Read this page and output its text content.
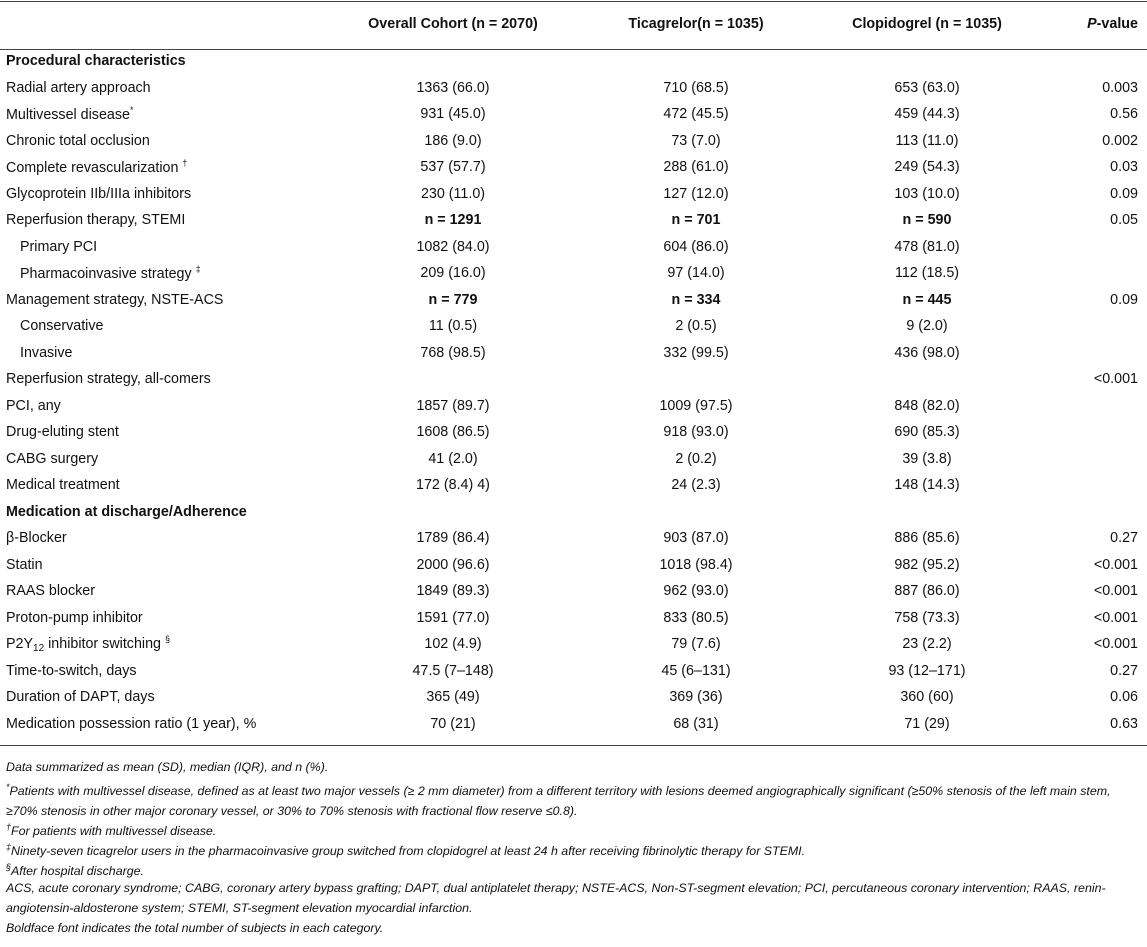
	Overall Cohort (n = 2070)	Ticagrelor(n = 1035)	Clopidogrel (n = 1035)	P-value
Procedural characteristics				
Radial artery approach	1363 (66.0)	710 (68.5)	653 (63.0)	0.003
Multivessel disease*	931 (45.0)	472 (45.5)	459 (44.3)	0.56
Chronic total occlusion	186 (9.0)	73 (7.0)	113 (11.0)	0.002
Complete revascularization †	537 (57.7)	288 (61.0)	249 (54.3)	0.03
Glycoprotein IIb/IIIa inhibitors	230 (11.0)	127 (12.0)	103 (10.0)	0.09
Reperfusion therapy, STEMI	n = 1291	n = 701	n = 590	0.05
Primary PCI	1082 (84.0)	604 (86.0)	478 (81.0)	
Pharmacoinvasive strategy ‡	209 (16.0)	97 (14.0)	112 (18.5)	
Management strategy, NSTE-ACS	n = 779	n = 334	n = 445	0.09
Conservative	11 (0.5)	2 (0.5)	9 (2.0)	
Invasive	768 (98.5)	332 (99.5)	436 (98.0)	
Reperfusion strategy, all-comers				<0.001
PCI, any	1857 (89.7)	1009 (97.5)	848 (82.0)	
Drug-eluting stent	1608 (86.5)	918 (93.0)	690 (85.3)	
CABG surgery	41 (2.0)	2 (0.2)	39 (3.8)	
Medical treatment	172 (8.4) 4)	24 (2.3)	148 (14.3)	
Medication at discharge/Adherence				
β-Blocker	1789 (86.4)	903 (87.0)	886 (85.6)	0.27
Statin	2000 (96.6)	1018 (98.4)	982 (95.2)	<0.001
RAAS blocker	1849 (89.3)	962 (93.0)	887 (86.0)	<0.001
Proton-pump inhibitor	1591 (77.0)	833 (80.5)	758 (73.3)	<0.001
$P2Y_{12}$ inhibitor switching §	102 (4.9)	79 (7.6)	23 (2.2)	<0.001
Time-to-switch, days	47.5 (7–148)	45 (6–131)	93 (12–171)	0.27
Duration of DAPT, days	365 (49)	369 (36)	360 (60)	0.06
Medication possession ratio (1 year), %	70 (21)	68 (31)	71 (29)	0.63
Data summarized as mean (SD), median (IQR), and n (%).
*Patients with multivessel disease, defined as at least two major vessels (≥ 2 mm diameter) from a different territory with lesions deemed angiographically significant (≥50% stenosis of the left main stem, ≥70% stenosis in other major coronary vessel, or 30% to 70% stenosis with fractional flow reserve ≤0.8).
†For patients with multivessel disease.
‡Ninety-seven ticagrelor users in the pharmacoinvasive group switched from clopidogrel at least 24 h after receiving fibrinolytic therapy for STEMI.
§After hospital discharge.
ACS, acute coronary syndrome; CABG, coronary artery bypass grafting; DAPT, dual antiplatelet therapy; NSTE-ACS, Non-ST-segment elevation; PCI, percutaneous coronary intervention; RAAS, renin-angiotensin-aldosterone system; STEMI, ST-segment elevation myocardial infarction.
Boldface font indicates the total number of subjects in each category.
